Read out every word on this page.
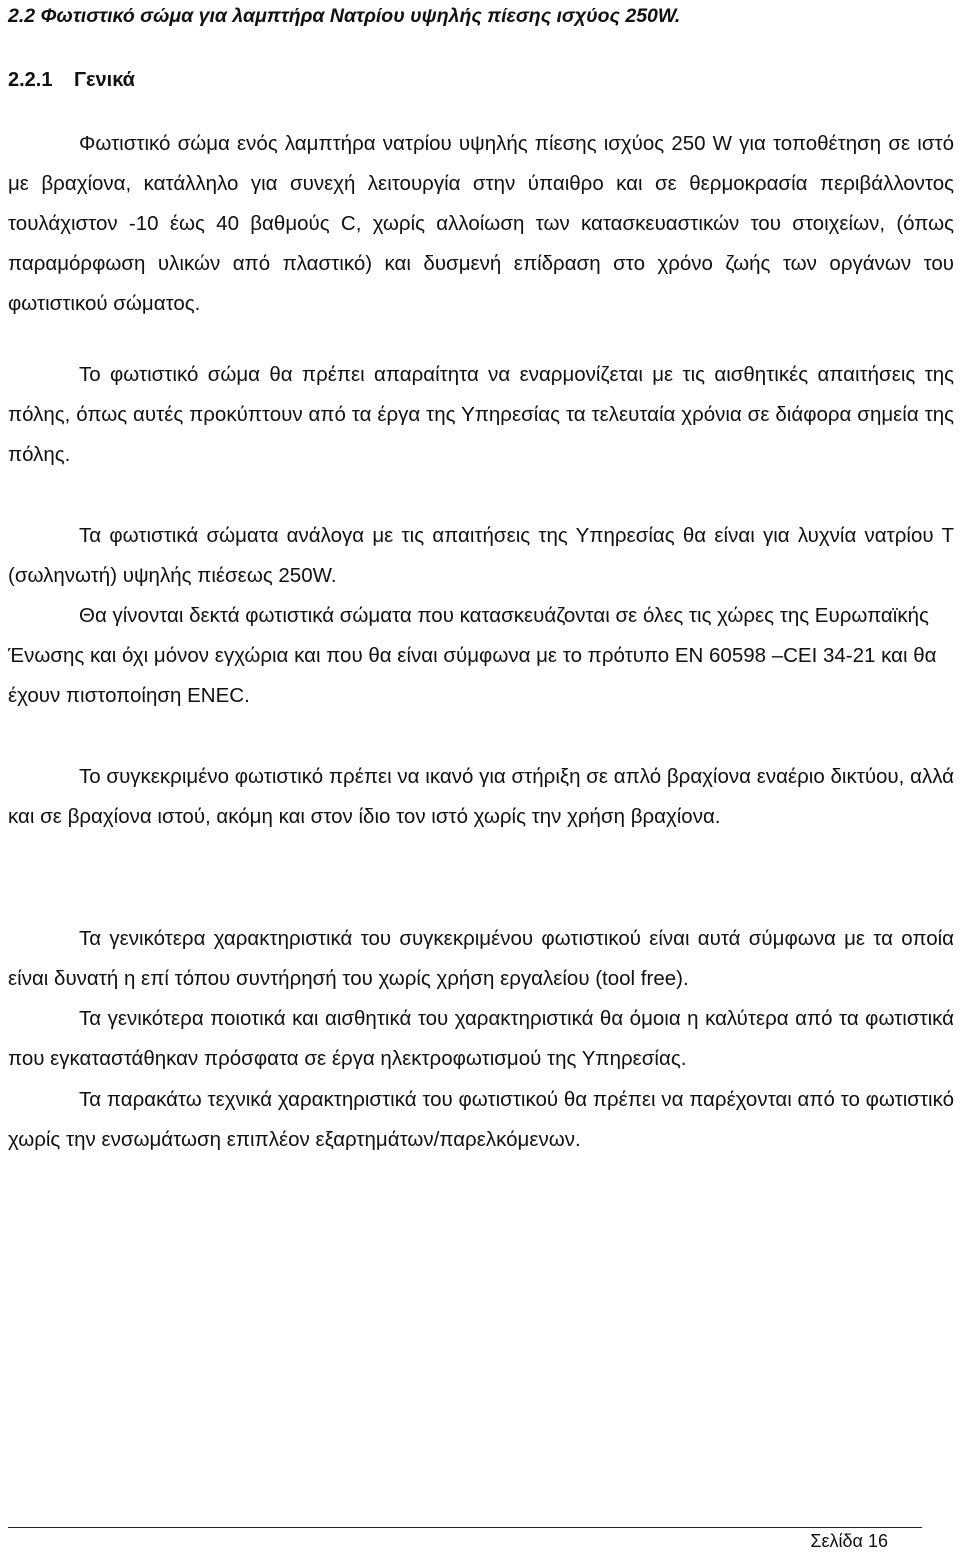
2.2 Φωτιστικό σώμα για λαμπτήρα Νατρίου υψηλής πίεσης ισχύος 250W.
2.2.1 Γενικά

Φωτιστικό σώμα ενός λαμπτήρα νατρίου υψηλής πίεσης ισχύος 250 W για τοποθέτηση σε ιστό με βραχίονα, κατάλληλο για συνεχή λειτουργία στην ύπαιθρο και σε θερμοκρασία περιβάλλοντος τουλάχιστον -10 έως 40 βαθμούς C, χωρίς αλλοίωση των κατασκευαστικών του στοιχείων, (όπως παραμόρφωση υλικών από πλαστικό) και δυσμενή επίδραση στο χρόνο ζωής των οργάνων του φωτιστικού σώματος.

Το φωτιστικό σώμα θα πρέπει απαραίτητα να εναρμονίζεται με τις αισθητικές απαιτήσεις της πόλης, όπως αυτές προκύπτουν από τα έργα της Υπηρεσίας τα τελευταία χρόνια σε διάφορα σημεία της πόλης.

Τα φωτιστικά σώματα ανάλογα με τις απαιτήσεις της Υπηρεσίας θα είναι για λυχνία νατρίου Τ (σωληνωτή) υψηλής πιέσεως 250W.

Θα γίνονται δεκτά φωτιστικά σώματα που κατασκευάζονται σε όλες τις χώρες της Ευρωπαϊκής Ένωσης και όχι μόνον εγχώρια και που θα είναι σύμφωνα με το πρότυπο EN 60598 –CEI 34-21 και θα έχουν πιστοποίηση ENEC.

Το συγκεκριμένο φωτιστικό πρέπει να ικανό για στήριξη σε απλό βραχίονα εναέριο δικτύου, αλλά και σε βραχίονα ιστού, ακόμη και στον ίδιο τον ιστό χωρίς την χρήση βραχίονα.

Τα γενικότερα χαρακτηριστικά του συγκεκριμένου φωτιστικού είναι αυτά σύμφωνα με τα οποία είναι δυνατή η επί τόπου συντήρησή του χωρίς χρήση εργαλείου (tool free).

Τα γενικότερα ποιοτικά και αισθητικά του χαρακτηριστικά θα όμοια η καλύτερα από τα φωτιστικά που εγκαταστάθηκαν πρόσφατα σε έργα ηλεκτροφωτισμού της Υπηρεσίας.

Τα παρακάτω τεχνικά χαρακτηριστικά του φωτιστικού θα πρέπει να παρέχονται από το φωτιστικό χωρίς την ενσωμάτωση επιπλέον εξαρτημάτων/παρελκόμενων.

Σελίδα 16
